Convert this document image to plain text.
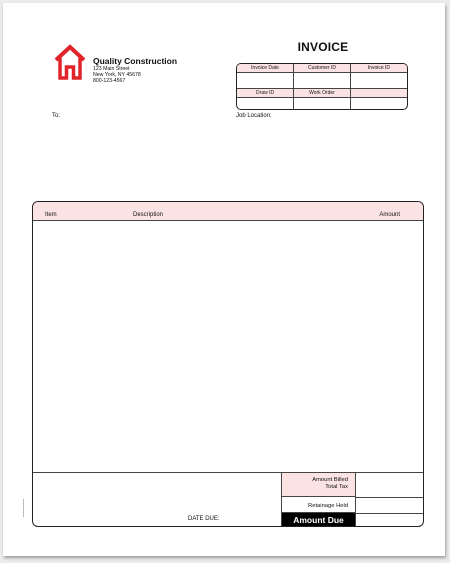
Quality Construction
123 Main Street
New York, NY 45678
800-123-4567
INVOICE
Invoice Date	Customer ID	Invoice ID

Draw ID	Work Order	

To:	Job Location:
Item	Description	Amount
DATE DUE:
Amount Billed
Total Tax
Retainage Held
Amount Due
